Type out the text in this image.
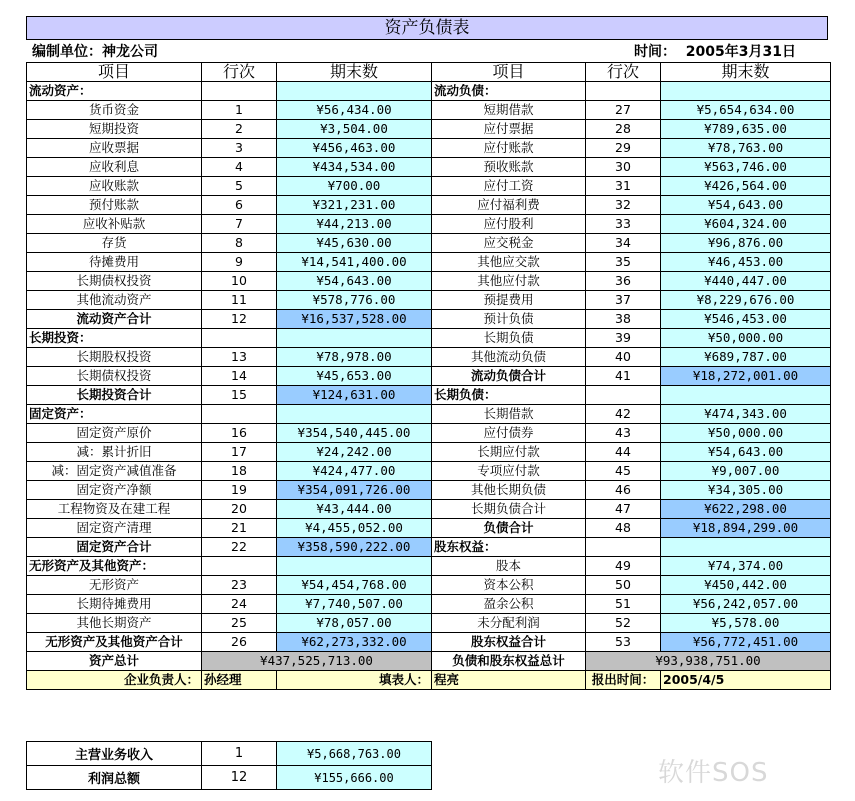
资产负债表
编制单位：神龙公司	时间： 2005年3月31日
项目	行次	期末数	项目	行次	期末数
流动资产：			流动负债：		
货币资金	1	¥56,434.00	短期借款	27	¥5,654,634.00
短期投资	2	¥3,504.00	应付票据	28	¥789,635.00
应收票据	3	¥456,463.00	应付账款	29	¥78,763.00
应收利息	4	¥434,534.00	预收账款	30	¥563,746.00
应收账款	5	¥700.00	应付工资	31	¥426,564.00
预付账款	6	¥321,231.00	应付福利费	32	¥54,643.00
应收补贴款	7	¥44,213.00	应付股利	33	¥604,324.00
存货	8	¥45,630.00	应交税金	34	¥96,876.00
待摊费用	9	¥14,541,400.00	其他应交款	35	¥46,453.00
长期债权投资	10	¥54,643.00	其他应付款	36	¥440,447.00
其他流动资产	11	¥578,776.00	预提费用	37	¥8,229,676.00
流动资产合计	12	¥16,537,528.00	预计负债	38	¥546,453.00
长期投资：			长期负债	39	¥50,000.00
长期股权投资	13	¥78,978.00	其他流动负债	40	¥689,787.00
长期债权投资	14	¥45,653.00	流动负债合计	41	¥18,272,001.00
长期投资合计	15	¥124,631.00	长期负债：		
固定资产：			长期借款	42	¥474,343.00
固定资产原价	16	¥354,540,445.00	应付债券	43	¥50,000.00
减：累计折旧	17	¥24,242.00	长期应付款	44	¥54,643.00
减：固定资产减值准备	18	¥424,477.00	专项应付款	45	¥9,007.00
固定资产净额	19	¥354,091,726.00	其他长期负债	46	¥34,305.00
工程物资及在建工程	20	¥43,444.00	长期负债合计	47	¥622,298.00
固定资产清理	21	¥4,455,052.00	负债合计	48	¥18,894,299.00
固定资产合计	22	¥358,590,222.00	股东权益：		
无形资产及其他资产：			股本	49	¥74,374.00
无形资产	23	¥54,454,768.00	资本公积	50	¥450,442.00
长期待摊费用	24	¥7,740,507.00	盈余公积	51	¥56,242,057.00
其他长期资产	25	¥78,057.00	未分配利润	52	¥5,578.00
无形资产及其他资产合计	26	¥62,273,332.00	股东权益合计	53	¥56,772,451.00
资产总计	¥437,525,713.00		负债和股东权益总计	¥93,938,751.00	
企业负责人：	孙经理	填表人：	程亮	报出时间：	2005/4/5
主营业务收入	1	¥5,668,763.00
利润总额	12	¥155,666.00	软件SOS
